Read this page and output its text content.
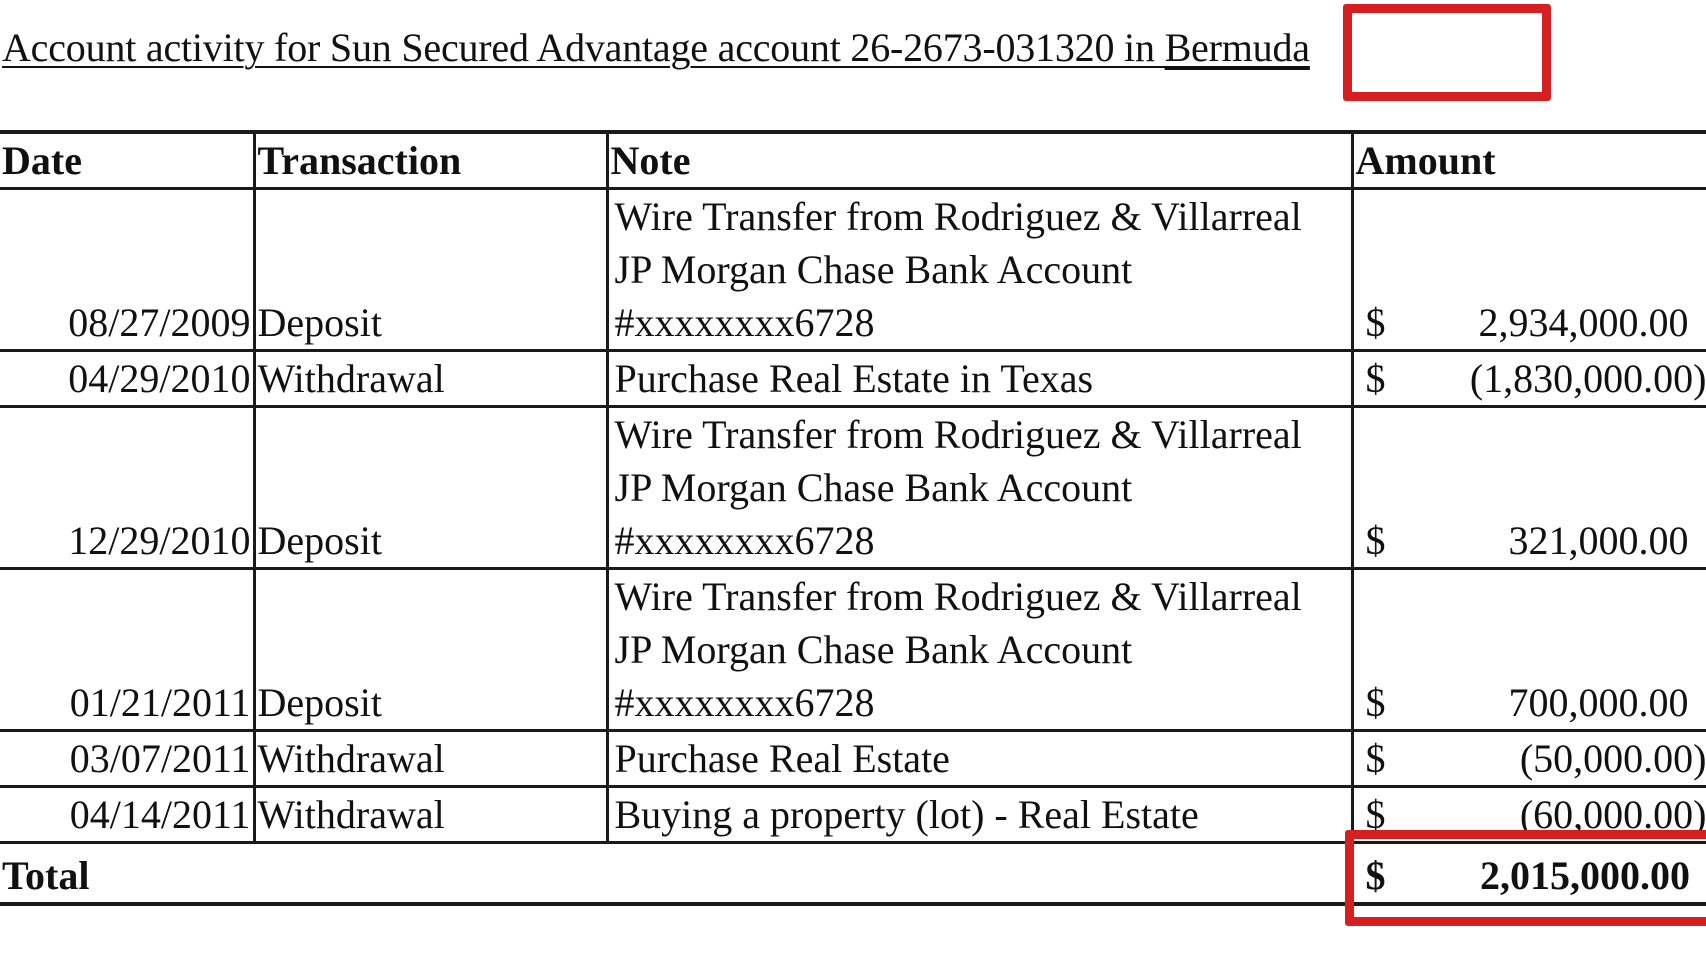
Account activity for Sun Secured Advantage account 26-2673-031320 in Bermuda
Date	Transaction	Note	Amount
08/27/2009	Deposit	Wire Transfer from Rodriguez & Villarreal JP Morgan Chase Bank Account #xxxxxxxx6728	$ 2,934,000.00

04/29/2010	Withdrawal	Purchase Real Estate in Texas	$ (1,830,000.00)

12/29/2010	Deposit	Wire Transfer from Rodriguez & Villarreal JP Morgan Chase Bank Account #xxxxxxxx6728	$ 321,000.00

01/21/2011	Deposit	Wire Transfer from Rodriguez & Villarreal JP Morgan Chase Bank Account #xxxxxxxx6728	$ 700,000.00

03/07/2011	Withdrawal	Purchase Real Estate	$ (50,000.00)

04/14/2011	Withdrawal	Buying a property (lot) - Real Estate	$ (60,000.00)

Total			$ 2,015,000.00
